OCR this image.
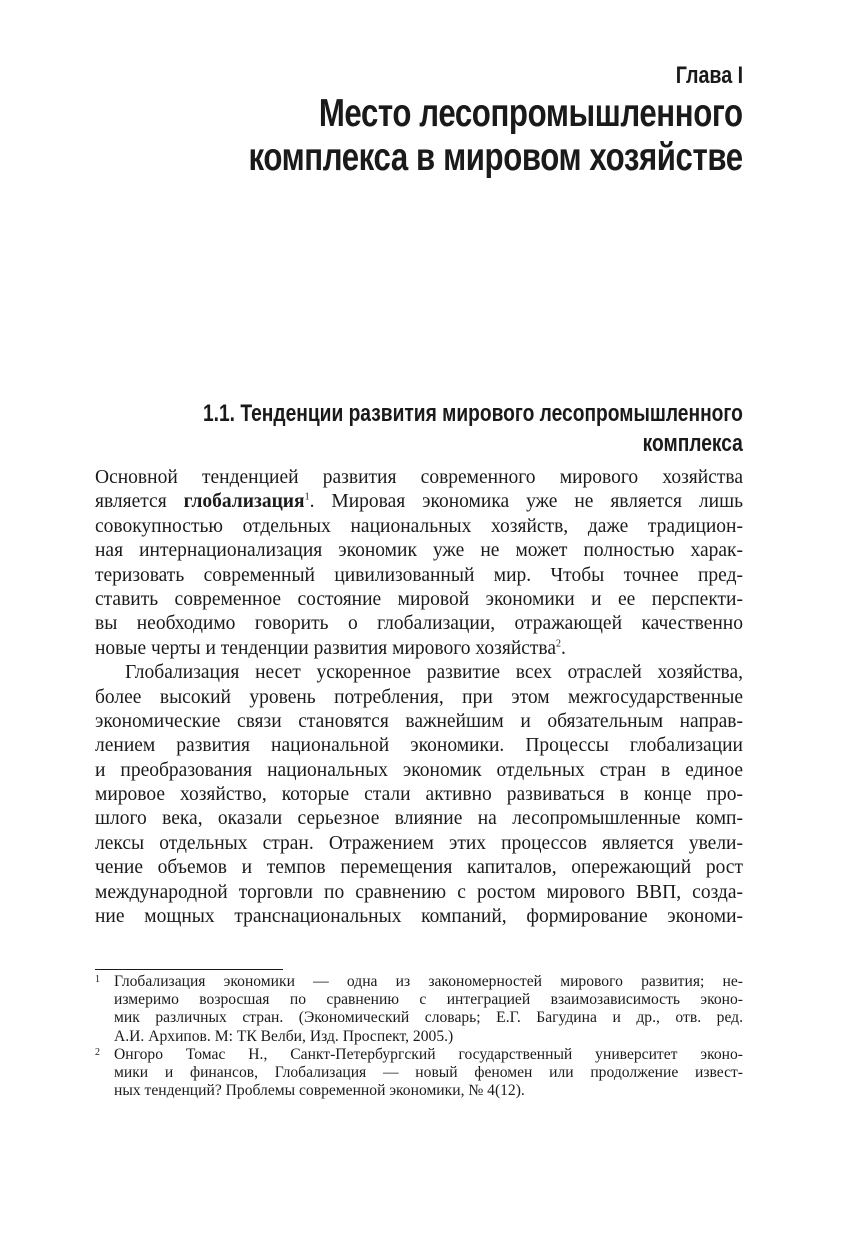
Глава I
Место лесопромышленного
комплекса в мировом хозяйстве
1.1. Тенденции развития мирового лесопромышленного
комплекса
Основной тенденцией развития современного мирового хозяйства
является глобализация$^1$. Мировая экономика уже не является лишь
совокупностью отдельных национальных хозяйств, даже традицион-
ная интернационализация экономик уже не может полностью харак-
теризовать современный цивилизованный мир. Чтобы точнее пред-
ставить современное состояние мировой экономики и ее перспекти-
вы необходимо говорить о глобализации, отражающей качественно
новые черты и тенденции развития мирового хозяйства$^2$.
Глобализация несет ускоренное развитие всех отраслей хозяйства,
более высокий уровень потребления, при этом межгосударственные
экономические связи становятся важнейшим и обязательным направ-
лением развития национальной экономики. Процессы глобализации
и преобразования национальных экономик отдельных стран в единое
мировое хозяйство, которые стали активно развиваться в конце про-
шлого века, оказали серьезное влияние на лесопромышленные комп-
лексы отдельных стран. Отражением этих процессов является увели-
чение объемов и темпов перемещения капиталов, опережающий рост
международной торговли по сравнению с ростом мирового ВВП, созда-
ние мощных транснациональных компаний, формирование экономи-
1 Глобализация экономики — одна из закономерностей мирового развития; не-
измеримо возросшая по сравнению с интеграцией взаимозависимость эконо-
мик различных стран. (Экономический словарь; Е.Г. Багудина и др., отв. ред.
А.И. Архипов. М: ТК Велби, Изд. Проспект, 2005.)
2 Онгоро Томас Н., Санкт-Петербургский государственный университет эконо-
мики и финансов, Глобализация — новый феномен или продолжение извест-
ных тенденций? Проблемы современной экономики, № 4(12).
